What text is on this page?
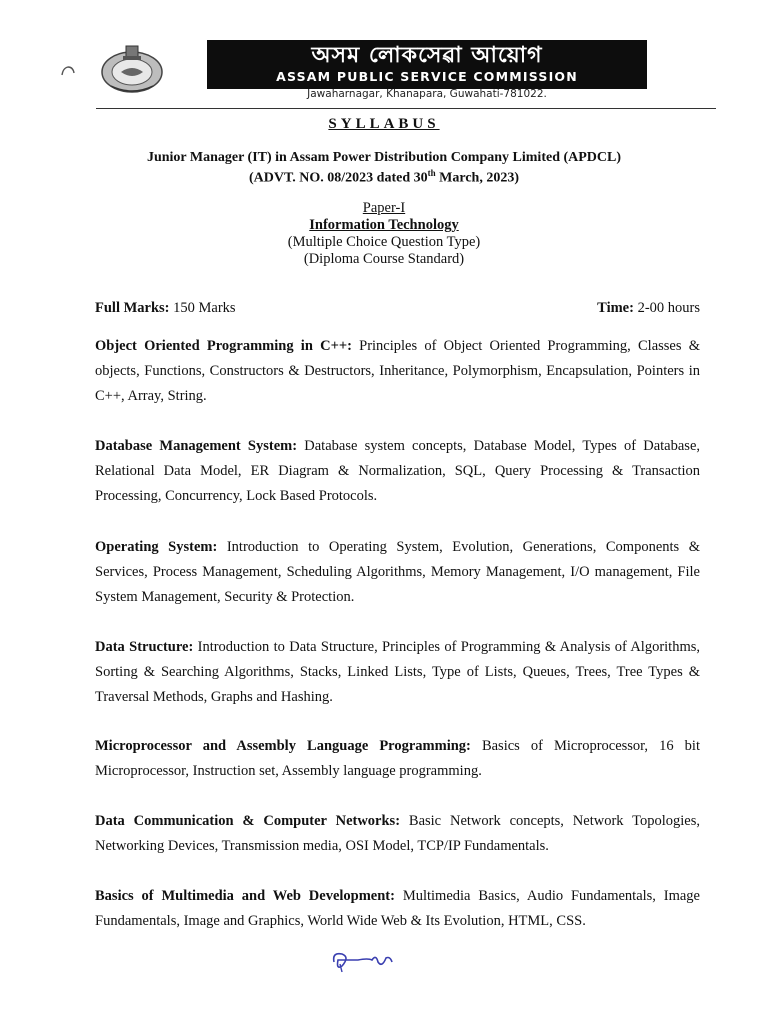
অসম লোকসেৱা আয়োগ
ASSAM PUBLIC SERVICE COMMISSION
Jawaharnagar, Khanapara, Guwahati-781022.
SYLLABUS
Junior Manager (IT) in Assam Power Distribution Company Limited (APDCL)
(ADVT. NO. 08/2023 dated 30th March, 2023)
Paper-I
Information Technology
(Multiple Choice Question Type)
(Diploma Course Standard)
Full Marks: 150 Marks	Time: 2-00 hours
Object Oriented Programming in C++: Principles of Object Oriented Programming, Classes & objects, Functions, Constructors & Destructors, Inheritance, Polymorphism, Encapsulation, Pointers in C++, Array, String.
Database Management System: Database system concepts, Database Model, Types of Database, Relational Data Model, ER Diagram & Normalization, SQL, Query Processing & Transaction Processing, Concurrency, Lock Based Protocols.
Operating System: Introduction to Operating System, Evolution, Generations, Components & Services, Process Management, Scheduling Algorithms, Memory Management, I/O management, File System Management, Security & Protection.
Data Structure: Introduction to Data Structure, Principles of Programming & Analysis of Algorithms, Sorting & Searching Algorithms, Stacks, Linked Lists, Type of Lists, Queues, Trees, Tree Types & Traversal Methods, Graphs and Hashing.
Microprocessor and Assembly Language Programming: Basics of Microprocessor, 16 bit Microprocessor, Instruction set, Assembly language programming.
Data Communication & Computer Networks: Basic Network concepts, Network Topologies, Networking Devices, Transmission media, OSI Model, TCP/IP Fundamentals.
Basics of Multimedia and Web Development: Multimedia Basics, Audio Fundamentals, Image Fundamentals, Image and Graphics, World Wide Web & Its Evolution, HTML, CSS.
